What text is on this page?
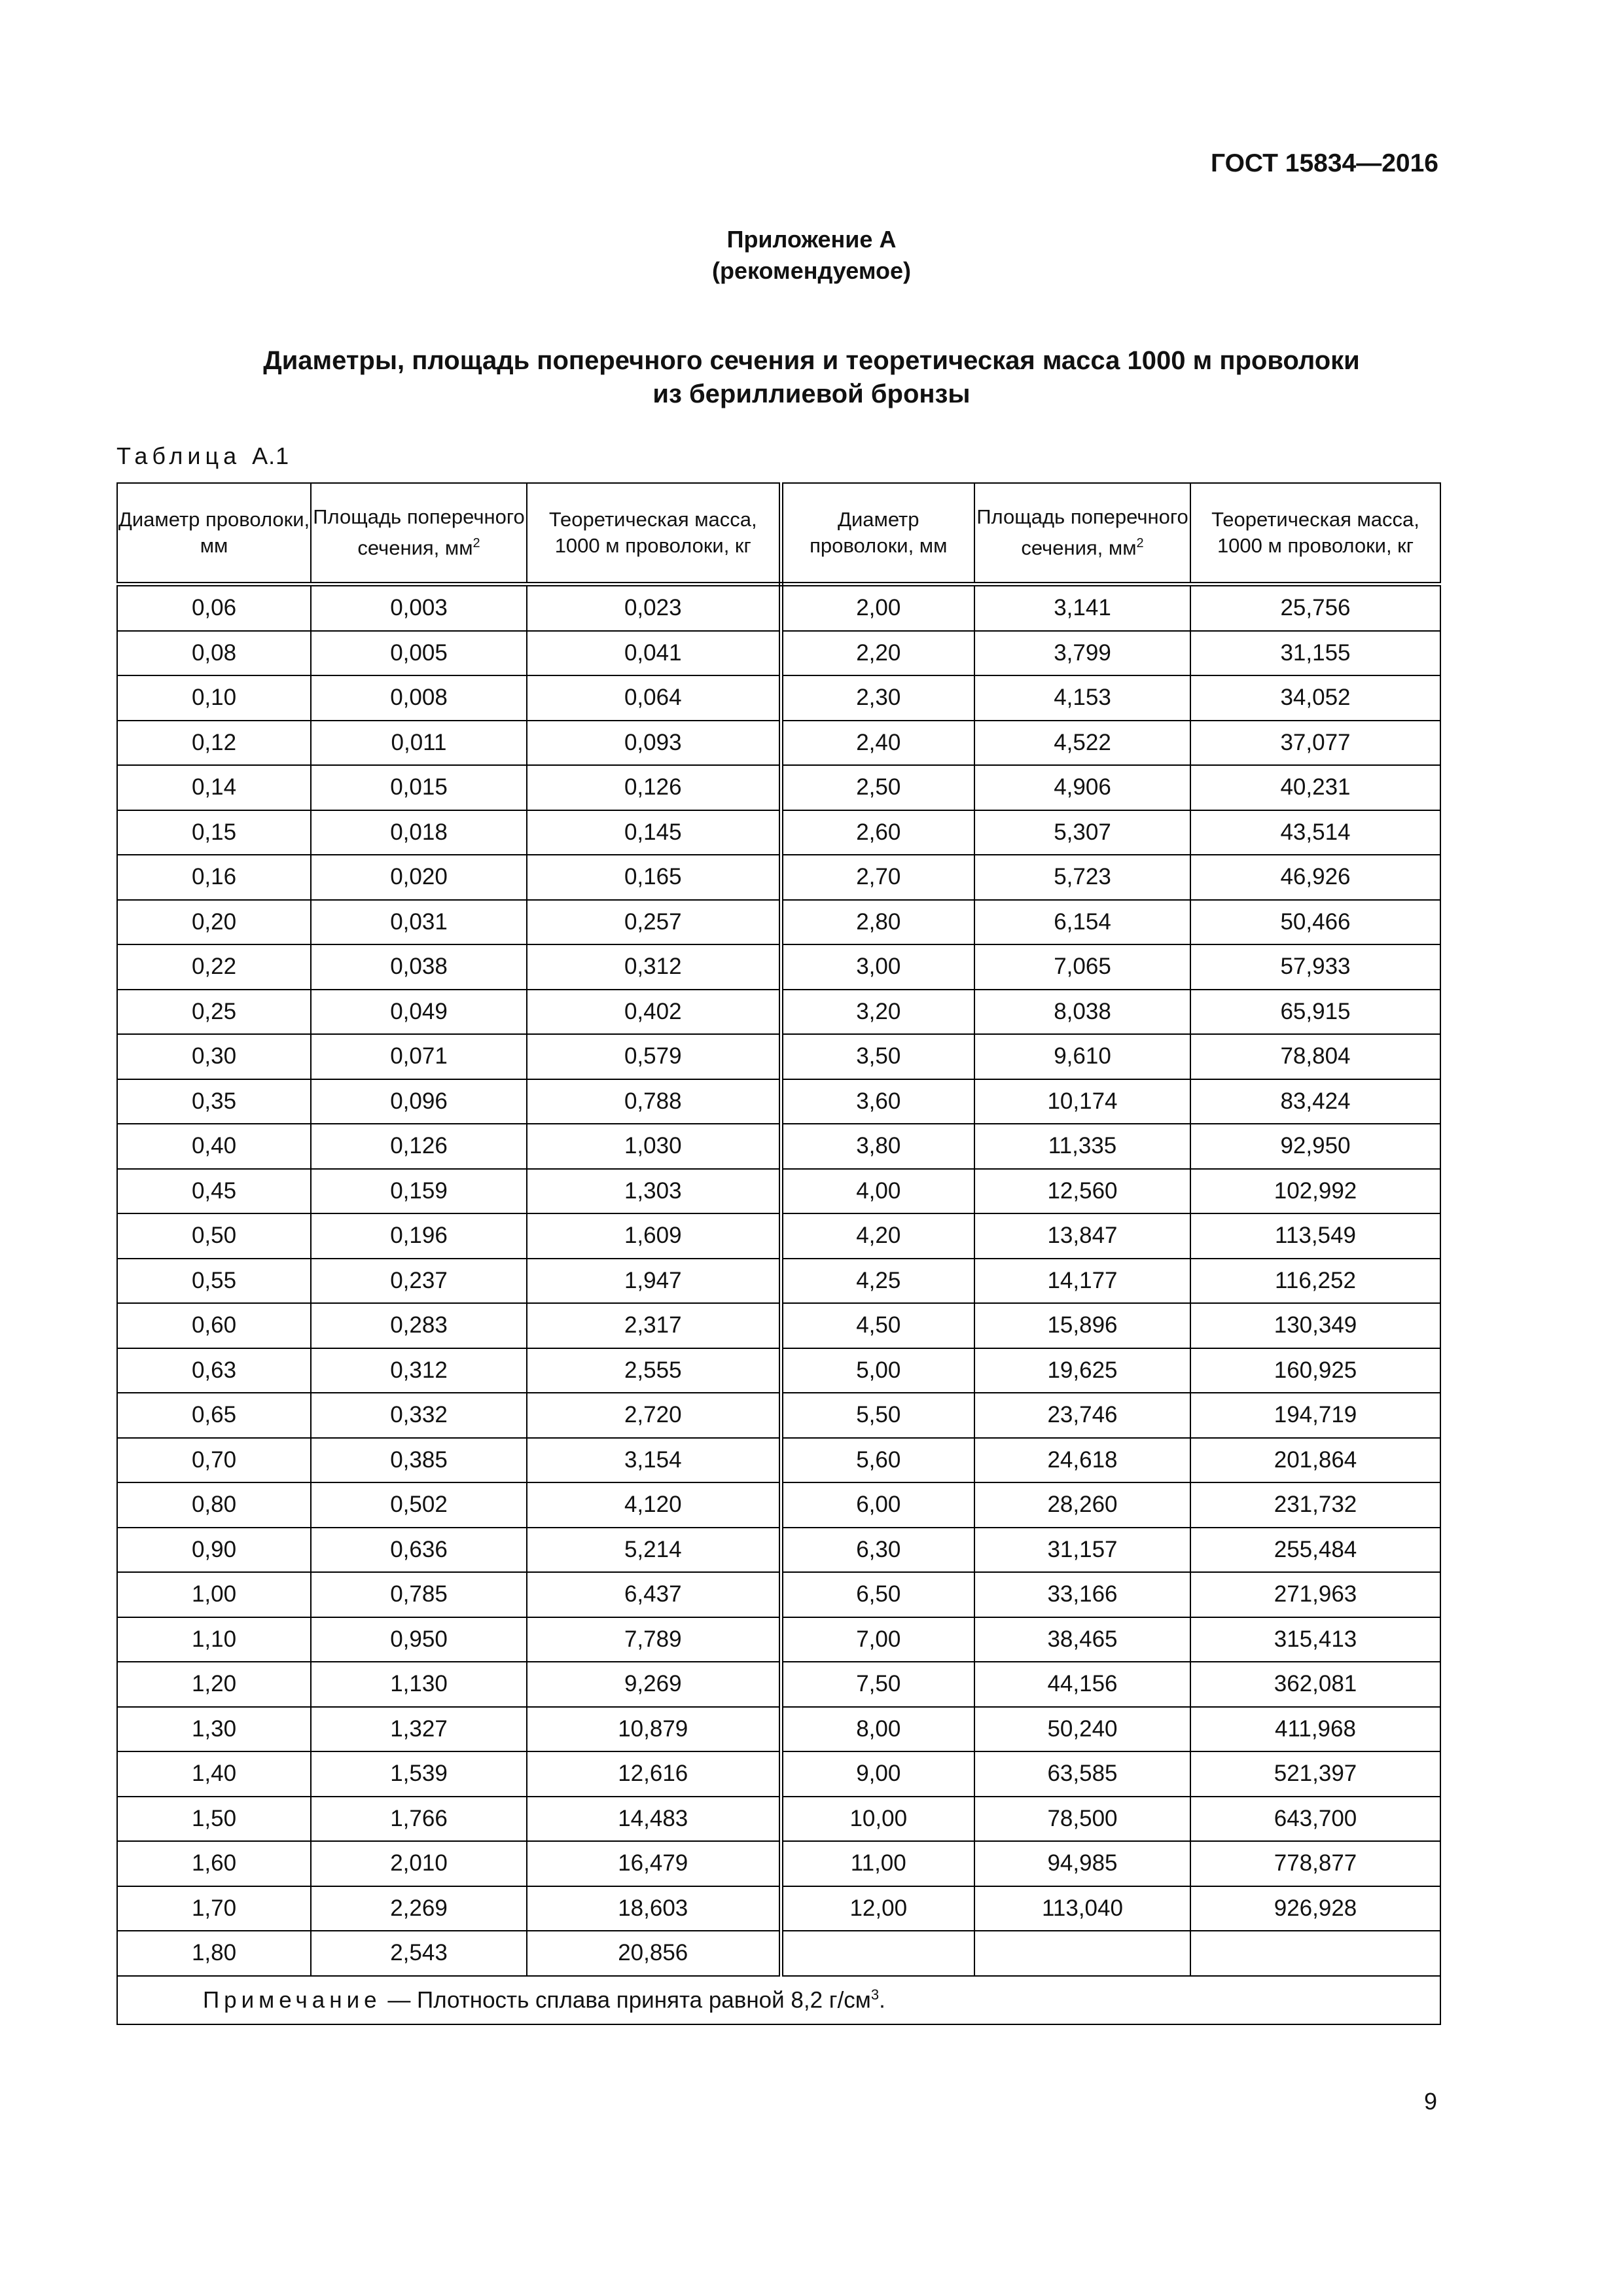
ГОСТ 15834—2016
Приложение А
(рекомендуемое)
Диаметры, площадь поперечного сечения и теоретическая масса 1000 м проволоки
из бериллиевой бронзы
Таблица А.1
Диаметр проволоки, мм	Площадь поперечного сечения, $мм^2$	Теоретическая масса, 1000 м проволоки, кг	Диаметр проволоки, мм	Площадь поперечного сечения, $мм^2$	Теоретическая масса, 1000 м проволоки, кг
0,06	0,003	0,023	2,00	3,141	25,756
0,08	0,005	0,041	2,20	3,799	31,155
0,10	0,008	0,064	2,30	4,153	34,052
0,12	0,011	0,093	2,40	4,522	37,077
0,14	0,015	0,126	2,50	4,906	40,231
0,15	0,018	0,145	2,60	5,307	43,514
0,16	0,020	0,165	2,70	5,723	46,926
0,20	0,031	0,257	2,80	6,154	50,466
0,22	0,038	0,312	3,00	7,065	57,933
0,25	0,049	0,402	3,20	8,038	65,915
0,30	0,071	0,579	3,50	9,610	78,804
0,35	0,096	0,788	3,60	10,174	83,424
0,40	0,126	1,030	3,80	11,335	92,950
0,45	0,159	1,303	4,00	12,560	102,992
0,50	0,196	1,609	4,20	13,847	113,549
0,55	0,237	1,947	4,25	14,177	116,252
0,60	0,283	2,317	4,50	15,896	130,349
0,63	0,312	2,555	5,00	19,625	160,925
0,65	0,332	2,720	5,50	23,746	194,719
0,70	0,385	3,154	5,60	24,618	201,864
0,80	0,502	4,120	6,00	28,260	231,732
0,90	0,636	5,214	6,30	31,157	255,484
1,00	0,785	6,437	6,50	33,166	271,963
1,10	0,950	7,789	7,00	38,465	315,413
1,20	1,130	9,269	7,50	44,156	362,081
1,30	1,327	10,879	8,00	50,240	411,968
1,40	1,539	12,616	9,00	63,585	521,397
1,50	1,766	14,483	10,00	78,500	643,700
1,60	2,010	16,479	11,00	94,985	778,877
1,70	2,269	18,603	12,00	113,040	926,928
1,80	2,543	20,856			
Примечание — Плотность сплава принята равной 8,2 $г/см^3$.					
9
